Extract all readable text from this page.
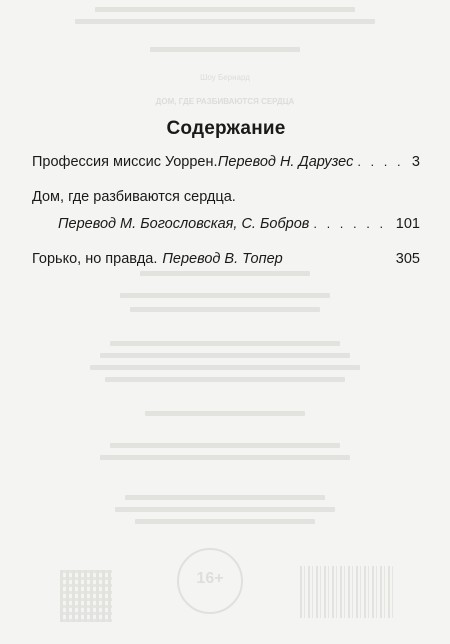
Шоу Бернард
ДОМ, ГДЕ РАЗБИВАЮТСЯ СЕРДЦА
16+
Содержание
Профессия миссис Уоррен. Перевод Н. Дарузес . . .	3
Дом, где разбиваются сердца.
Перевод М. Богословская, С. Бобров . . .	101
Горько, но правда. Перевод В. Топер	305
